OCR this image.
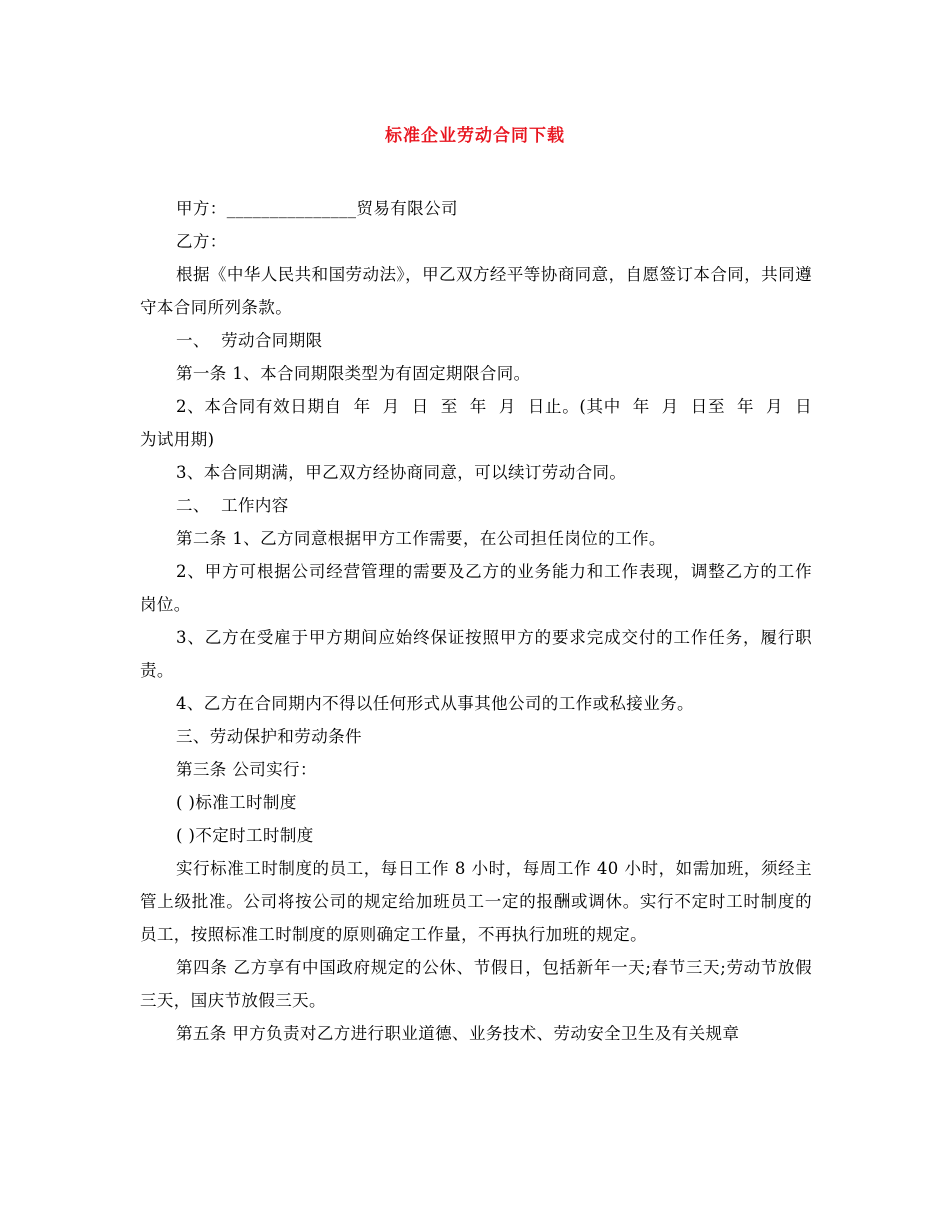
标准企业劳动合同下载

甲方：_______________贸易有限公司

乙方：

根据《中华人民共和国劳动法》，甲乙双方经平等协商同意，自愿签订本合同，共同遵守本合同所列条款。

一、  劳动合同期限

第一条 1、本合同期限类型为有固定期限合同。

2、本合同有效日期自  年  月  日  至  年  月  日止。(其中  年  月  日至  年  月  日为试用期)

3、本合同期满，甲乙双方经协商同意，可以续订劳动合同。

二、  工作内容

第二条 1、乙方同意根据甲方工作需要，在公司担任岗位的工作。

2、甲方可根据公司经营管理的需要及乙方的业务能力和工作表现，调整乙方的工作岗位。

3、乙方在受雇于甲方期间应始终保证按照甲方的要求完成交付的工作任务，履行职责。

4、乙方在合同期内不得以任何形式从事其他公司的工作或私接业务。

三、劳动保护和劳动条件

第三条 公司实行：

( )标准工时制度

( )不定时工时制度

实行标准工时制度的员工，每日工作 8 小时，每周工作 40 小时，如需加班，须经主管上级批准。公司将按公司的规定给加班员工一定的报酬或调休。实行不定时工时制度的员工，按照标准工时制度的原则确定工作量，不再执行加班的规定。

第四条 乙方享有中国政府规定的公休、节假日，包括新年一天;春节三天;劳动节放假三天，国庆节放假三天。

第五条 甲方负责对乙方进行职业道德、业务技术、劳动安全卫生及有关规章
